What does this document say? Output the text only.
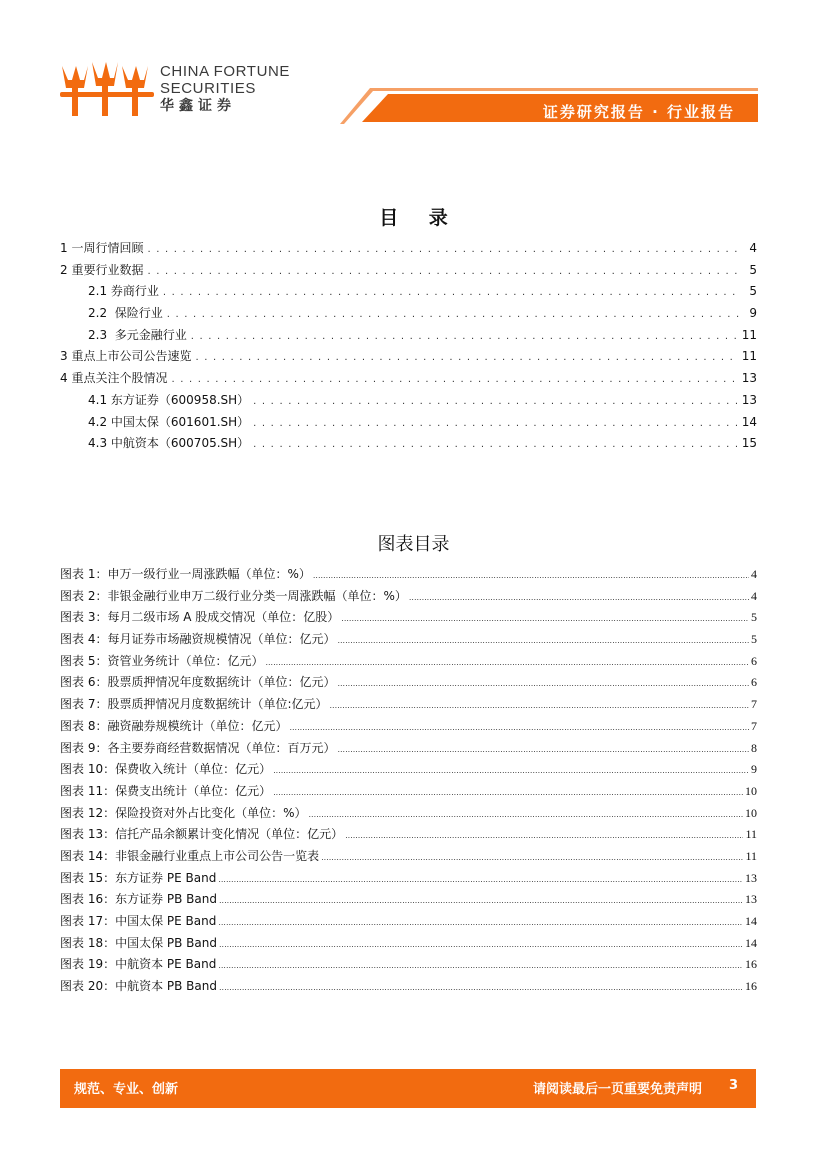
CHINA FORTUNE
SECURITIES
华鑫证券	证券研究报告 · 行业报告
目 录
1 一周行情回顾 . . .	4
2 重要行业数据 . . .	5
2.1 券商行业 . . .	5
2.2  保险行业 . . .	9
2.3  多元金融行业 . . .	11
3 重点上市公司公告速览 . . .	11
4 重点关注个股情况 . . .	13
4.1 东方证券（600958.SH） . . .	13
4.2 中国太保（601601.SH） . . .	14
4.3 中航资本（600705.SH） . . .	15
图表目录
图表 1：申万一级行业一周涨跌幅（单位：%） .....	4
图表 2：非银金融行业申万二级行业分类一周涨跌幅（单位：%） .....	4
图表 3：每月二级市场 A 股成交情况（单位：亿股） .....	5
图表 4：每月证券市场融资规模情况（单位：亿元） .....	5
图表 5：资管业务统计（单位：亿元） .....	6
图表 6：股票质押情况年度数据统计（单位：亿元） .....	6
图表 7：股票质押情况月度数据统计（单位:亿元） .....	7
图表 8：融资融券规模统计（单位：亿元） .....	7
图表 9：各主要券商经营数据情况（单位：百万元） .....	8
图表 10：保费收入统计（单位：亿元） .....	9
图表 11：保费支出统计（单位：亿元） .....	10
图表 12：保险投资对外占比变化（单位：%） .....	10
图表 13：信托产品余额累计变化情况（单位：亿元） .....	11
图表 14：非银金融行业重点上市公司公告一览表 .....	11
图表 15：东方证券 PE Band .....	13
图表 16：东方证券 PB Band .....	13
图表 17：中国太保 PE Band .....	14
图表 18：中国太保 PB Band .....	14
图表 19：中航资本 PE Band .....	16
图表 20：中航资本 PB Band .....	16
规范、专业、创新	请阅读最后一页重要免责声明 3
